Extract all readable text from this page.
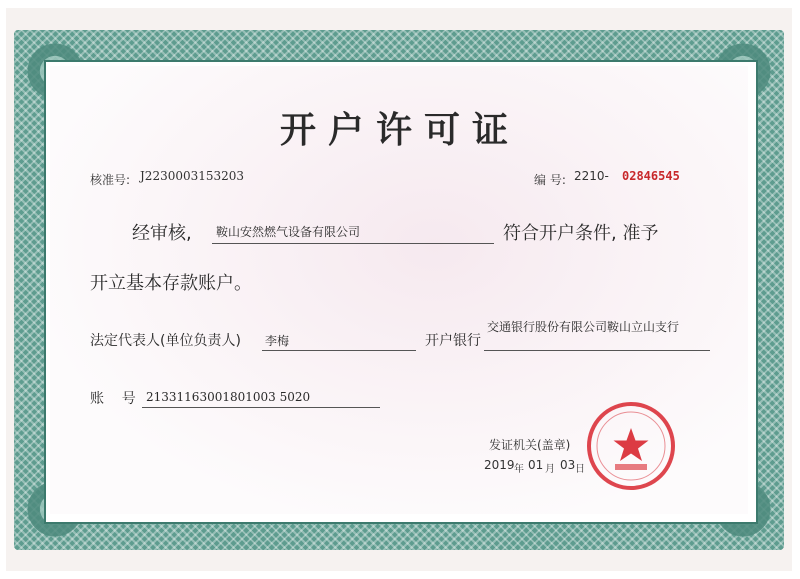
开户许可证
核准号: J2230003153203	编 号: 2210- 02846545
经审核, 鞍山安然燃气设备有限公司	符合开户条件, 准予
开立基本存款账户。
法定代表人(单位负责人) 李梅	开户银行
交通银行股份有限公司鞍山立山支行
账    号 21331163001801003 5020
发证机关(盖章)
2019 年 01 月 03 日
